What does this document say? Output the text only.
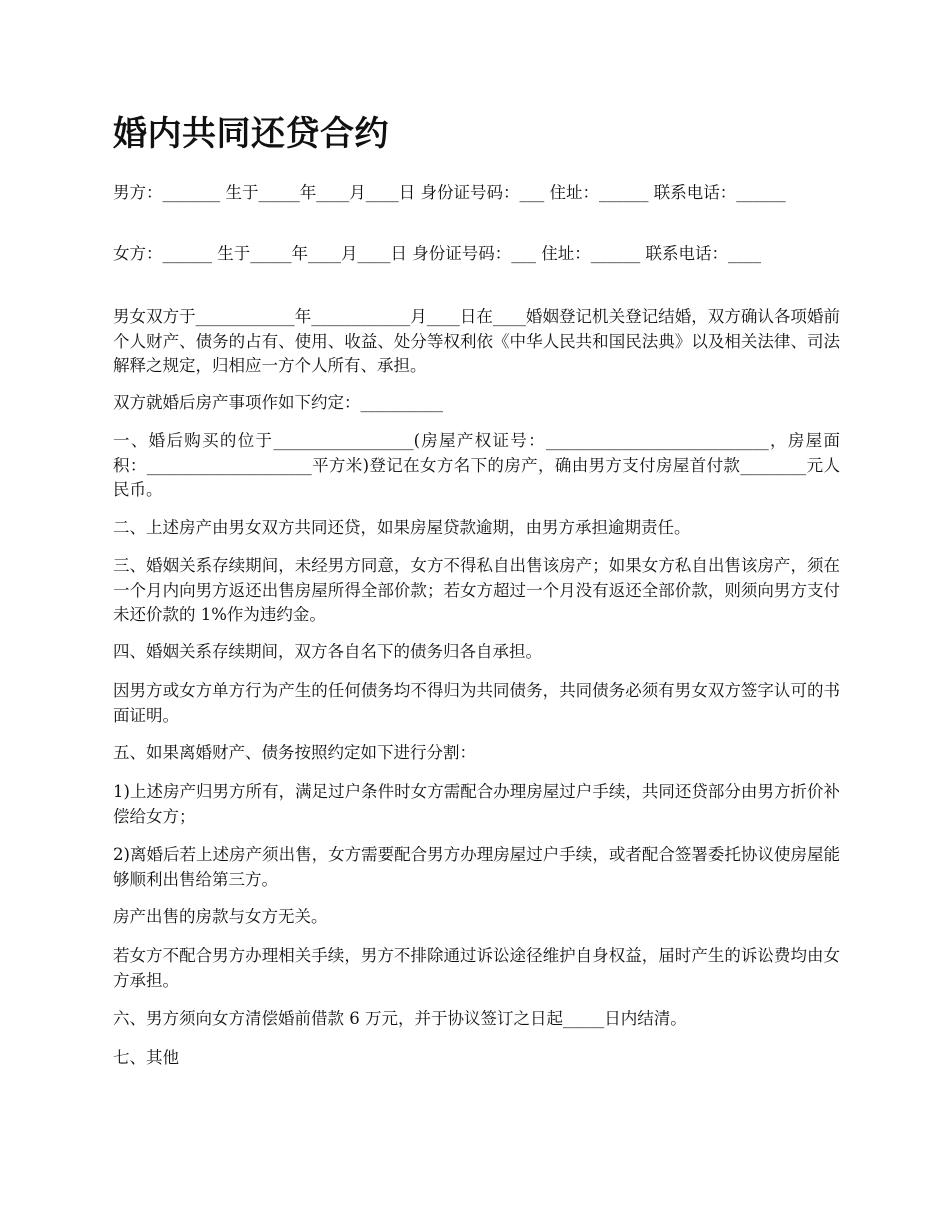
婚内共同还贷合约

男方：_______ 生于_____年____月____日 身份证号码：___ 住址：______ 联系电话：______

女方：______ 生于_____年____月____日 身份证号码：___ 住址：______ 联系电话：____

男女双方于____________年____________月____日在____婚姻登记机关登记结婚，双方确认各项婚前个人财产、债务的占有、使用、收益、处分等权利依《中华人民共和国民法典》以及相关法律、司法解释之规定，归相应一方个人所有、承担。

双方就婚后房产事项作如下约定：__________

一、婚后购买的位于_________________(房屋产权证号：___________________________，房屋面积：____________________平方米)登记在女方名下的房产，确由男方支付房屋首付款________元人民币。

二、上述房产由男女双方共同还贷，如果房屋贷款逾期，由男方承担逾期责任。

三、婚姻关系存续期间，未经男方同意，女方不得私自出售该房产；如果女方私自出售该房产，须在一个月内向男方返还出售房屋所得全部价款；若女方超过一个月没有返还全部价款，则须向男方支付未还价款的 1%作为违约金。

四、婚姻关系存续期间，双方各自名下的债务归各自承担。

因男方或女方单方行为产生的任何债务均不得归为共同债务，共同债务必须有男女双方签字认可的书面证明。

五、如果离婚财产、债务按照约定如下进行分割：

1)上述房产归男方所有，满足过户条件时女方需配合办理房屋过户手续，共同还贷部分由男方折价补偿给女方；

2)离婚后若上述房产须出售，女方需要配合男方办理房屋过户手续，或者配合签署委托协议使房屋能够顺利出售给第三方。

房产出售的房款与女方无关。

若女方不配合男方办理相关手续，男方不排除通过诉讼途径维护自身权益，届时产生的诉讼费均由女方承担。

六、男方须向女方清偿婚前借款 6 万元，并于协议签订之日起_____日内结清。

七、其他
